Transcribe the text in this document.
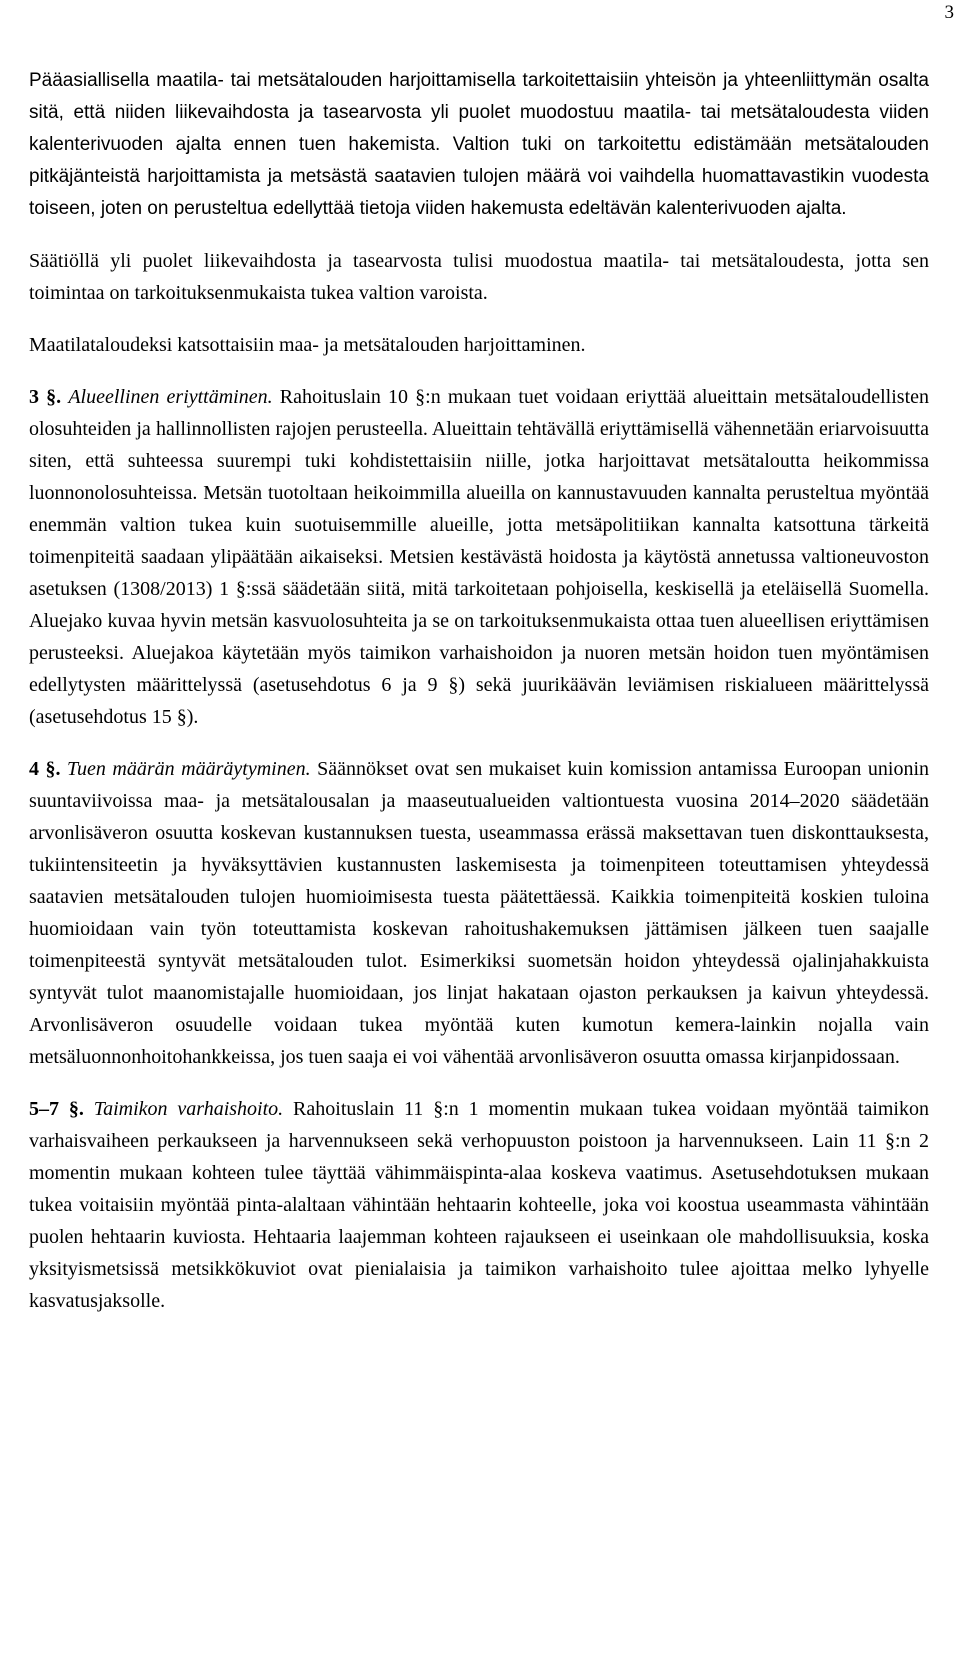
3

Pääasiallisella maatila- tai metsätalouden harjoittamisella tarkoitettaisiin yhteisön ja yhteenliittymän osalta sitä, että niiden liikevaihdosta ja tasearvosta yli puolet muodostuu maatila- tai metsätaloudesta viiden kalenterivuoden ajalta ennen tuen hakemista. Valtion tuki on tarkoitettu edistämään metsätalouden pitkäjänteistä harjoittamista ja metsästä saatavien tulojen määrä voi vaihdella huomattavastikin vuodesta toiseen, joten on perusteltua edellyttää tietoja viiden hakemusta edeltävän kalenterivuoden ajalta.

Säätiöllä yli puolet liikevaihdosta ja tasearvosta tulisi muodostua maatila- tai metsätaloudesta, jotta sen toimintaa on tarkoituksenmukaista tukea valtion varoista.

Maatilataloudeksi katsottaisiin maa- ja metsätalouden harjoittaminen.

3 §. Alueellinen eriyttäminen. Rahoituslain 10 §:n mukaan tuet voidaan eriyttää alueittain metsätaloudellisten olosuhteiden ja hallinnollisten rajojen perusteella. Alueittain tehtävällä eriyttämisellä vähennetään eriarvoisuutta siten, että suhteessa suurempi tuki kohdistettaisiin niille, jotka harjoittavat metsätaloutta heikommissa luonnonolosuhteissa. Metsän tuotoltaan heikoimmilla alueilla on kannustavuuden kannalta perusteltua myöntää enemmän valtion tukea kuin suotuisemmille alueille, jotta metsäpolitiikan kannalta katsottuna tärkeitä toimenpiteitä saadaan ylipäätään aikaiseksi. Metsien kestävästä hoidosta ja käytöstä annetussa valtioneuvoston asetuksen (1308/2013) 1 §:ssä säädetään siitä, mitä tarkoitetaan pohjoisella, keskisellä ja eteläisellä Suomella. Aluejako kuvaa hyvin metsän kasvuolosuhteita ja se on tarkoituksenmukaista ottaa tuen alueellisen eriyttämisen perusteeksi. Aluejakoa käytetään myös taimikon varhaishoidon ja nuoren metsän hoidon tuen myöntämisen edellytysten määrittelyssä (asetusehdotus 6 ja 9 §) sekä juurikäävän leviämisen riskialueen määrittelyssä (asetusehdotus 15 §).

4 §. Tuen määrän määräytyminen. Säännökset ovat sen mukaiset kuin komission antamissa Euroopan unionin suuntaviivoissa maa- ja metsätalousalan ja maaseutualueiden valtiontuesta vuosina 2014–2020 säädetään arvonlisäveron osuutta koskevan kustannuksen tuesta, useammassa erässä maksettavan tuen diskonttauksesta, tukiintensiteetin ja hyväksyttävien kustannusten laskemisesta ja toimenpiteen toteuttamisen yhteydessä saatavien metsätalouden tulojen huomioimisesta tuesta päätettäessä. Kaikkia toimenpiteitä koskien tuloina huomioidaan vain työn toteuttamista koskevan rahoitushakemuksen jättämisen jälkeen tuen saajalle toimenpiteestä syntyvät metsätalouden tulot. Esimerkiksi suometsän hoidon yhteydessä ojalinjahakkuista syntyvät tulot maanomistajalle huomioidaan, jos linjat hakataan ojaston perkauksen ja kaivun yhteydessä. Arvonlisäveron osuudelle voidaan tukea myöntää kuten kumotun kemera-lainkin nojalla vain metsäluonnonhoitohankkeissa, jos tuen saaja ei voi vähentää arvonlisäveron osuutta omassa kirjanpidossaan.

5–7 §. Taimikon varhaishoito. Rahoituslain 11 §:n 1 momentin mukaan tukea voidaan myöntää taimikon varhaisvaiheen perkaukseen ja harvennukseen sekä verhopuuston poistoon ja harvennukseen. Lain 11 §:n 2 momentin mukaan kohteen tulee täyttää vähimmäispinta-alaa koskeva vaatimus. Asetusehdotuksen mukaan tukea voitaisiin myöntää pinta-alaltaan vähintään hehtaarin kohteelle, joka voi koostua useammasta vähintään puolen hehtaarin kuviosta. Hehtaaria laajemman kohteen rajaukseen ei useinkaan ole mahdollisuuksia, koska yksityismetsissä metsikkökuviot ovat pienialaisia ja taimikon varhaishoito tulee ajoittaa melko lyhyelle kasvatusjaksolle.
